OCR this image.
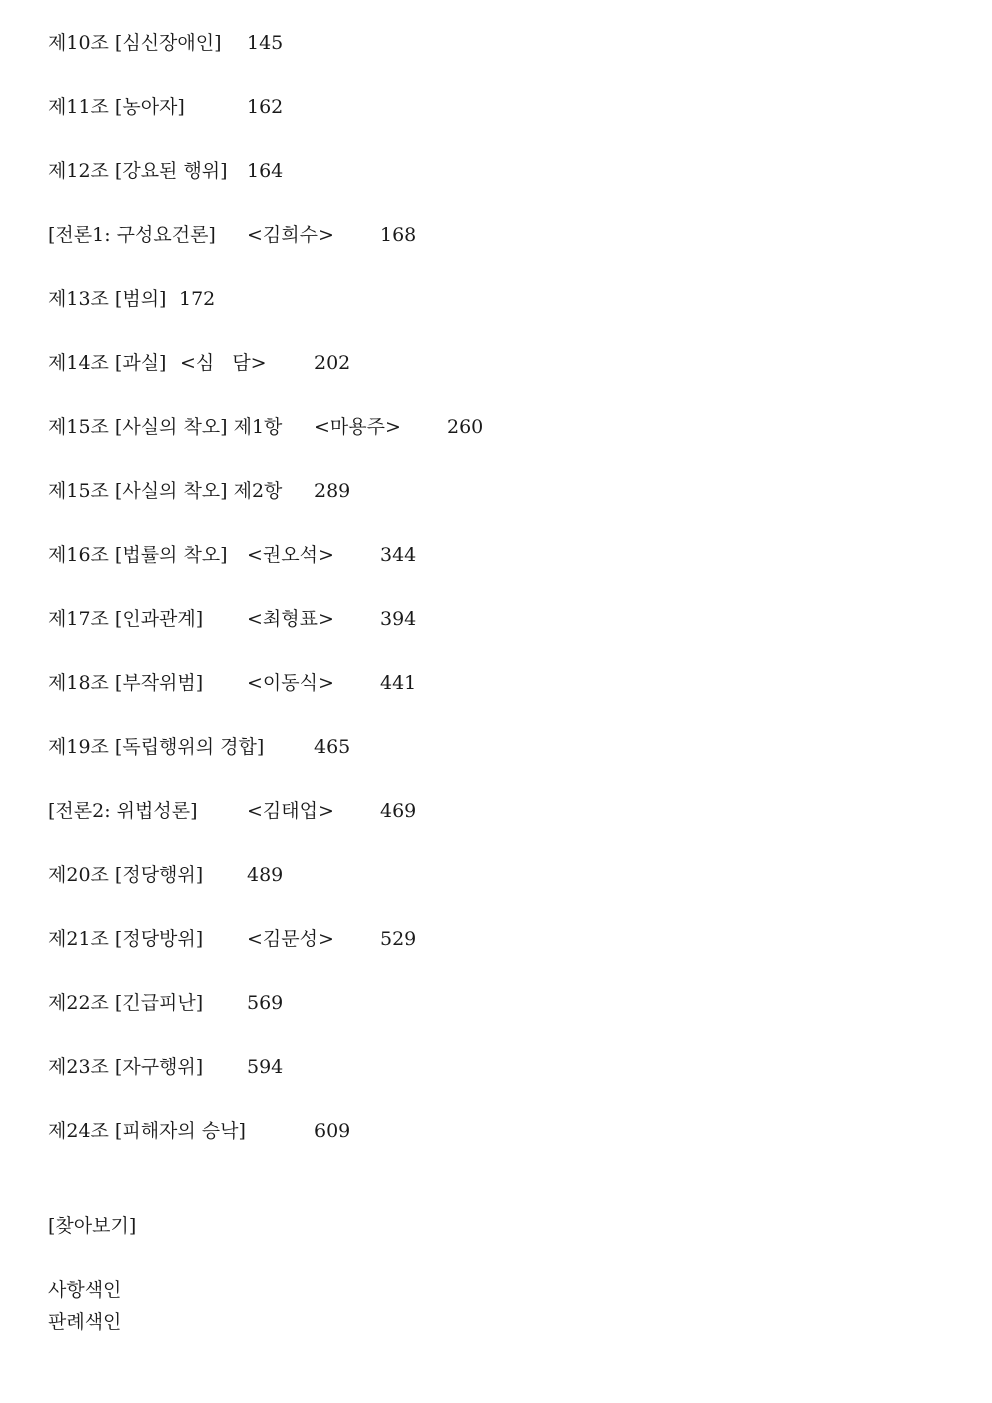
제10조 [심신장애인] 145
제11조 [농아자]	162
제12조 [강요된 행위] 164
[전론1: 구성요건론] <김희수> 168
제13조 [범의] 172
제14조 [과실] <심 담> 202
제15조 [사실의 착오] 제1항 <마용주> 260
제15조 [사실의 착오] 제2항 289
제16조 [법률의 착오] <권오석> 344
제17조 [인과관계] <최형표> 394
제18조 [부작위범] <이동식> 441
제19조 [독립행위의 경합]	465
[전론2: 위법성론]	<김태업> 469
제20조 [정당행위] 489
제21조 [정당방위] <김문성> 529
제22조 [긴급피난] 569
제23조 [자구행위] 594
제24조 [피해자의 승낙]	609
[찾아보기]
사항색인
판례색인
